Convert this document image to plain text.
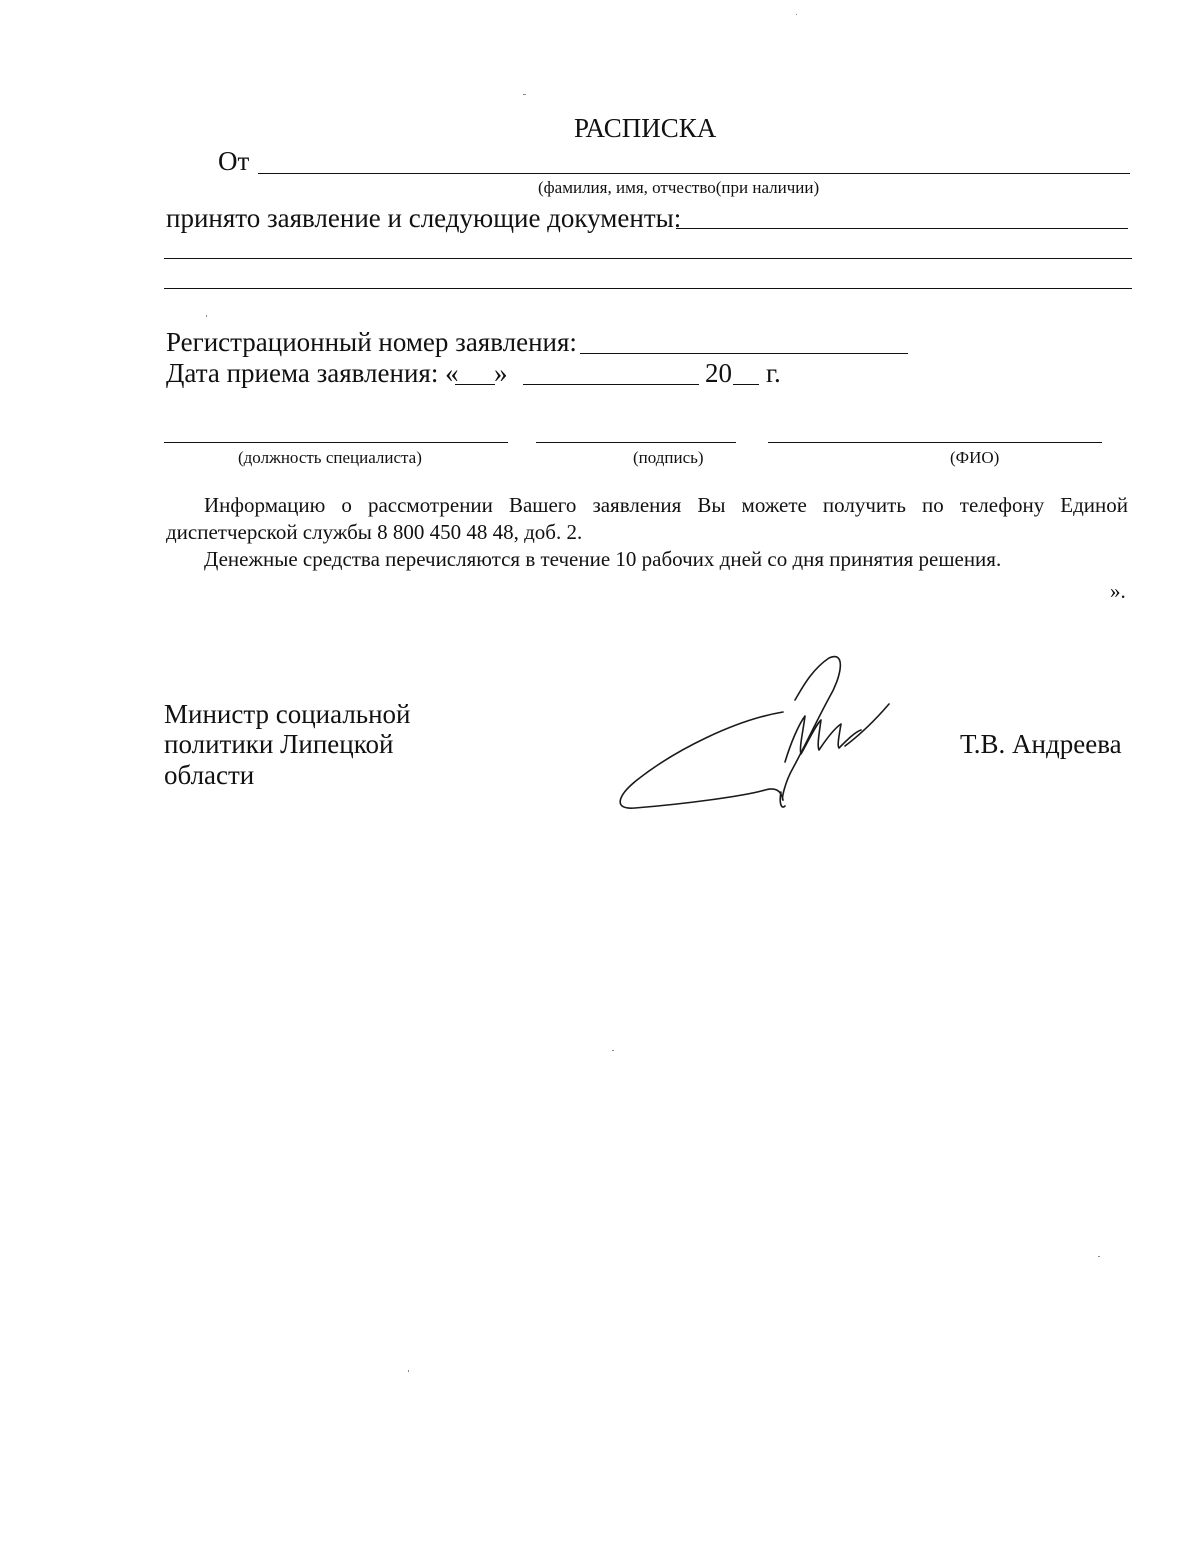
РАСПИСКА
От
(фамилия, имя, отчество(при наличии)
принято заявление и следующие документы:
Регистрационный номер заявления:
Дата приема заявления: « »	20 г.
(должность специалиста)	(подпись)	(ФИО)
Информацию о рассмотрении Вашего заявления Вы можете получить по телефону Единой
диспетчерской службы 8 800 450 48 48, доб. 2.
Денежные средства перечисляются в течение 10 рабочих дней со дня принятия решения.
».
Министр социальной
политики Липецкой
области
Т.В. Андреева
